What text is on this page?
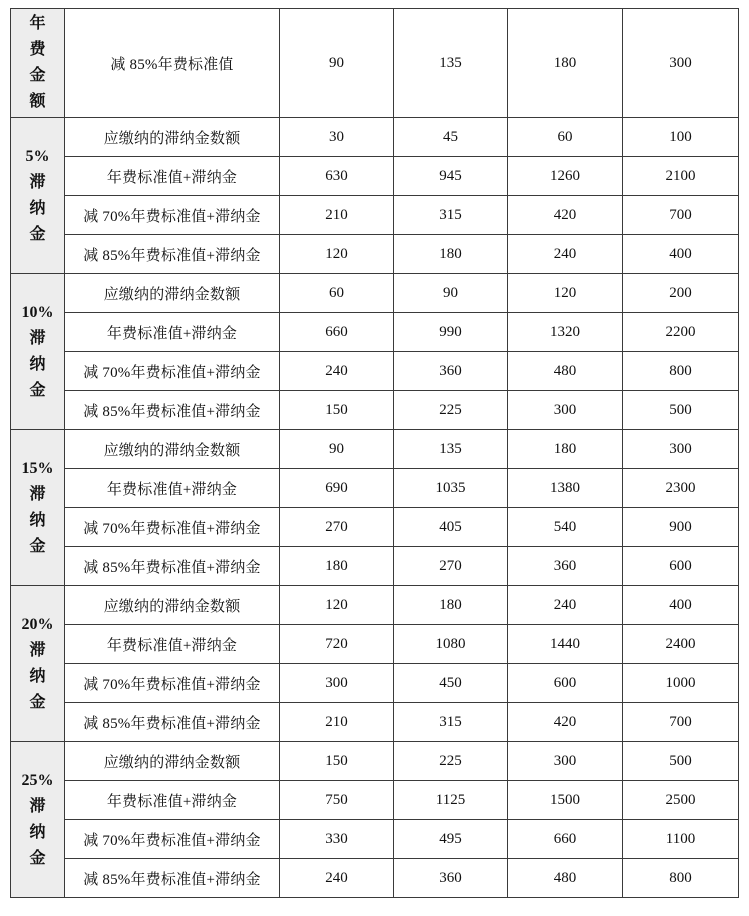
年
费
金
额	减 85%年费标准值	90	135	180	300

5%
滞
纳
金	应缴纳的滞纳金数额	30	45	60	100
	年费标准值+滞纳金	630	945	1260	2100
	减 70%年费标准值+滞纳金	210	315	420	700
	减 85%年费标准值+滞纳金	120	180	240	400

10%
滞
纳
金	应缴纳的滞纳金数额	60	90	120	200
	年费标准值+滞纳金	660	990	1320	2200
	减 70%年费标准值+滞纳金	240	360	480	800
	减 85%年费标准值+滞纳金	150	225	300	500

15%
滞
纳
金	应缴纳的滞纳金数额	90	135	180	300
	年费标准值+滞纳金	690	1035	1380	2300
	减 70%年费标准值+滞纳金	270	405	540	900
	减 85%年费标准值+滞纳金	180	270	360	600

20%
滞
纳
金	应缴纳的滞纳金数额	120	180	240	400
	年费标准值+滞纳金	720	1080	1440	2400
	减 70%年费标准值+滞纳金	300	450	600	1000
	减 85%年费标准值+滞纳金	210	315	420	700

25%
滞
纳
金	应缴纳的滞纳金数额	150	225	300	500
	年费标准值+滞纳金	750	1125	1500	2500
	减 70%年费标准值+滞纳金	330	495	660	1100
	减 85%年费标准值+滞纳金	240	360	480	800
